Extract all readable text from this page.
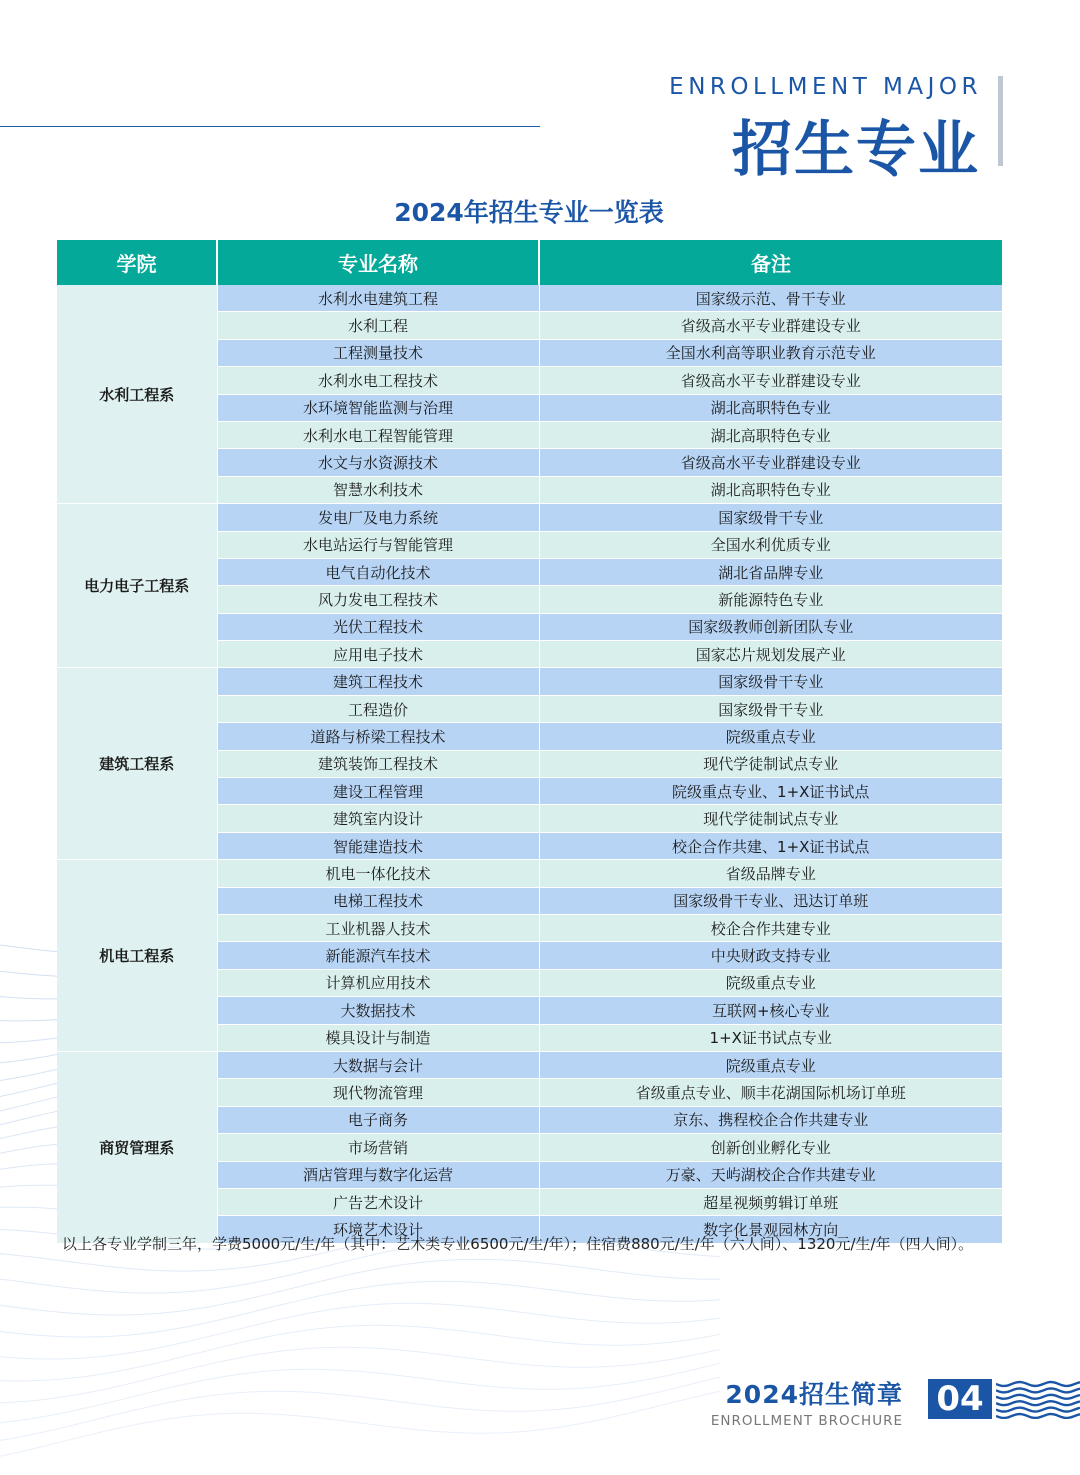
ENROLLMENT MAJOR
招生专业
2024年招生专业一览表
学院	专业名称	备注
水利工程系	水利水电建筑工程	国家级示范、骨干专业
	水利工程	省级高水平专业群建设专业
	工程测量技术	全国水利高等职业教育示范专业
	水利水电工程技术	省级高水平专业群建设专业
	水环境智能监测与治理	湖北高职特色专业
	水利水电工程智能管理	湖北高职特色专业
	水文与水资源技术	省级高水平专业群建设专业
	智慧水利技术	湖北高职特色专业
电力电子工程系	发电厂及电力系统	国家级骨干专业
	水电站运行与智能管理	全国水利优质专业
	电气自动化技术	湖北省品牌专业
	风力发电工程技术	新能源特色专业
	光伏工程技术	国家级教师创新团队专业
	应用电子技术	国家芯片规划发展产业
建筑工程系	建筑工程技术	国家级骨干专业
	工程造价	国家级骨干专业
	道路与桥梁工程技术	院级重点专业
	建筑装饰工程技术	现代学徒制试点专业
	建设工程管理	院级重点专业、1+X证书试点
	建筑室内设计	现代学徒制试点专业
	智能建造技术	校企合作共建、1+X证书试点
机电工程系	机电一体化技术	省级品牌专业
	电梯工程技术	国家级骨干专业、迅达订单班
	工业机器人技术	校企合作共建专业
	新能源汽车技术	中央财政支持专业
	计算机应用技术	院级重点专业
	大数据技术	互联网+核心专业
	模具设计与制造	1+X证书试点专业
商贸管理系	大数据与会计	院级重点专业
	现代物流管理	省级重点专业、顺丰花湖国际机场订单班
	电子商务	京东、携程校企合作共建专业
	市场营销	创新创业孵化专业
	酒店管理与数字化运营	万豪、天屿湖校企合作共建专业
	广告艺术设计	超星视频剪辑订单班
	环境艺术设计	数字化景观园林方向
以上各专业学制三年，学费5000元/生/年（其中：艺术类专业6500元/生/年）；住宿费880元/生/年（六人间）、1320元/生/年（四人间）。
2024招生简章
ENROLLMENT BROCHURE
04
